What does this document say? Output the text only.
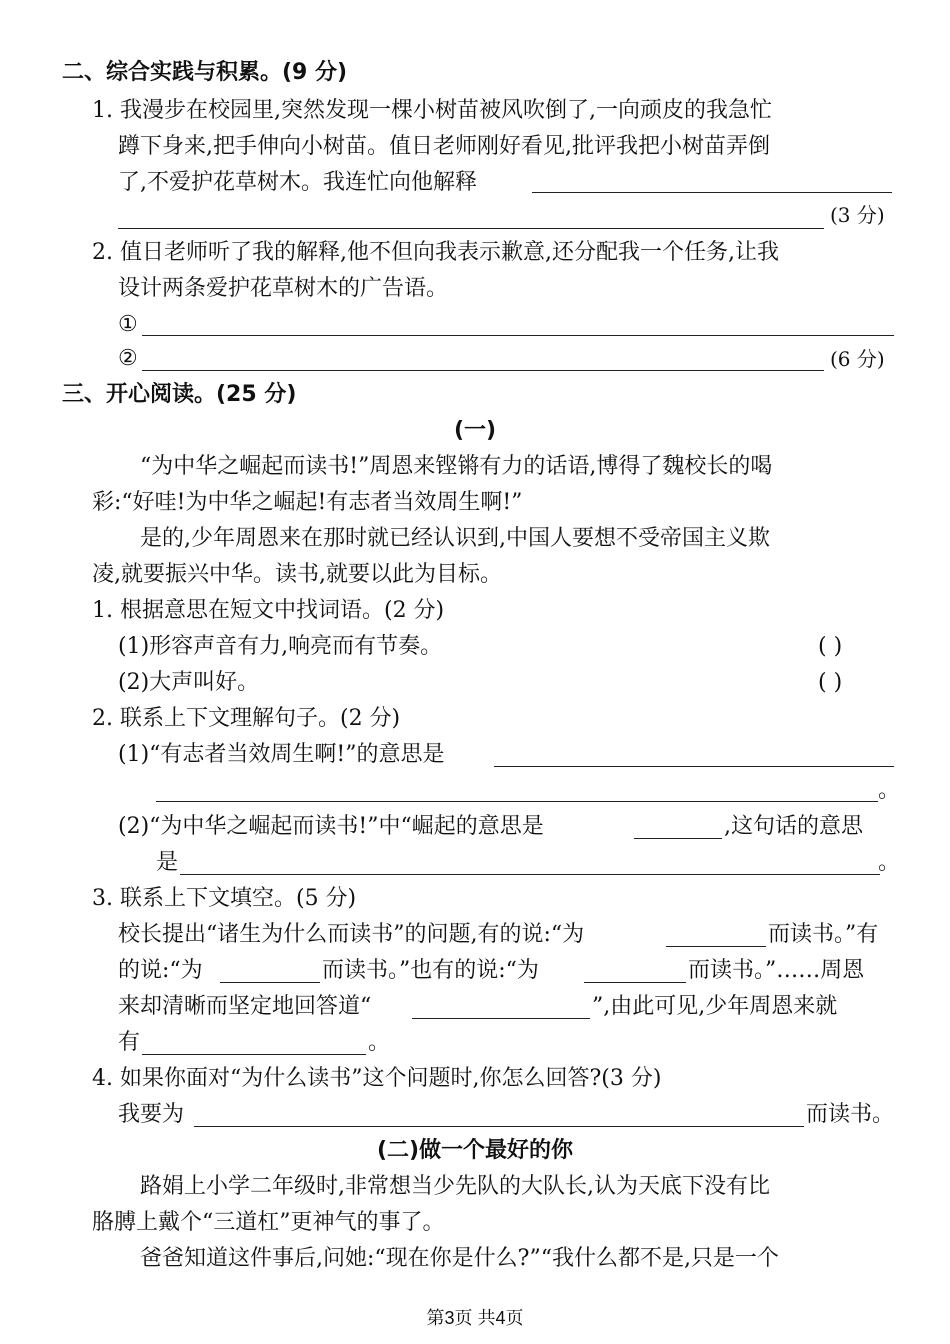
二、综合实践与积累。(9 分)
1. 我漫步在校园里,突然发现一棵小树苗被风吹倒了,一向顽皮的我急忙
蹲下身来,把手伸向小树苗。值日老师刚好看见,批评我把小树苗弄倒
了,不爱护花草树木。我连忙向他解释
(3 分)
2. 值日老师听了我的解释,他不但向我表示歉意,还分配我一个任务,让我
设计两条爱护花草树木的广告语。
①
②	(6 分)
三、开心阅读。(25 分)
(一)
“为中华之崛起而读书!”周恩来铿锵有力的话语,博得了魏校长的喝
彩:“好哇!为中华之崛起!有志者当效周生啊!”
是的,少年周恩来在那时就已经认识到,中国人要想不受帝国主义欺
凌,就要振兴中华。读书,就要以此为目标。
1. 根据意思在短文中找词语。(2 分)
(1)形容声音有力,响亮而有节奏。	( )
(2)大声叫好。	( )
2. 联系上下文理解句子。(2 分)
(1)“有志者当效周生啊!”的意思是
。
(2)“为中华之崛起而读书!”中“崛起的意思是	,这句话的意思
是	。
3. 联系上下文填空。(5 分)
校长提出“诸生为什么而读书”的问题,有的说:“为	而读书。”有
的说:“为	而读书。”也有的说:“为	而读书。”……周恩
来却清晰而坚定地回答道“	”,由此可见,少年周恩来就
有	。
4. 如果你面对“为什么读书”这个问题时,你怎么回答?(3 分)
我要为	而读书。
(二)做一个最好的你
路娟上小学二年级时,非常想当少先队的大队长,认为天底下没有比
胳膊上戴个“三道杠”更神气的事了。
爸爸知道这件事后,问她:“现在你是什么?”“我什么都不是,只是一个
第3页 共4页
